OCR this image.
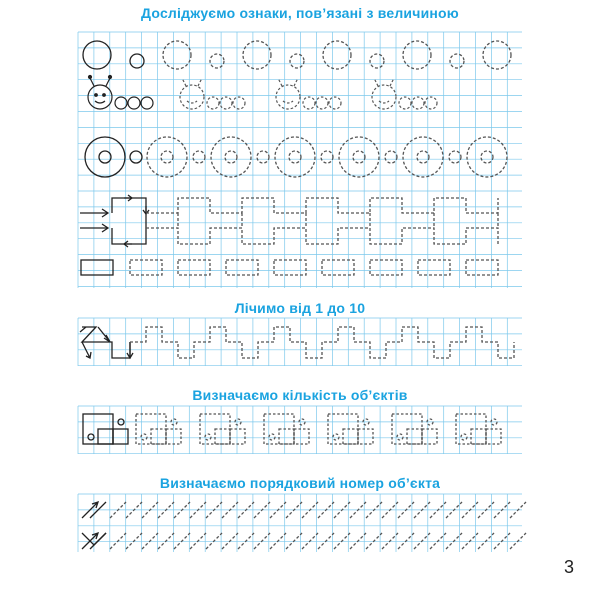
Досліджуємо ознаки, пов’язані з величиною
Лічимо від 1 до 10
Визначаємо кількість об’єктів
Визначаємо порядковий номер об’єкта
3
